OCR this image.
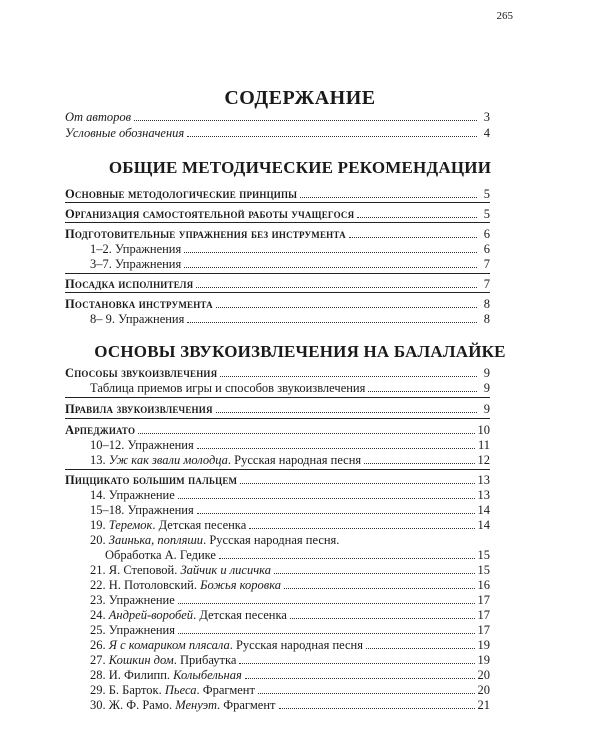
265
СОДЕРЖАНИЕ
От авторов	3
Условные обозначения	4
ОБЩИЕ МЕТОДИЧЕСКИЕ РЕКОМЕНДАЦИИ
Основные методологические принципы	5
Организация самостоятельной работы учащегося	5
Подготовительные упражнения без инструмента	6
1–2. Упражнения	6
3–7. Упражнения	7
Посадка исполнителя	7
Постановка инструмента	8
8– 9. Упражнения	8
ОСНОВЫ ЗВУКОИЗВЛЕЧЕНИЯ НА БАЛАЛАЙКЕ
Способы звукоизвлечения	9
Таблица приемов игры и способов звукоизвлечения	9
Правила звукоизвлечения	9
Арпеджиато	10
10–12. Упражнения	11
13. Уж как звали молодца. Русская народная песня	12
Пиццикато большим пальцем	13
14. Упражнение	13
15–18. Упражнения	14
19. Теремок. Детская песенка	14
20. Заинька, попляши. Русская народная песня.
Обработка А. Гедике	15
21. Я. Степовой. Зайчик и лисичка	15
22. Н. Потоловский. Божья коровка	16
23. Упражнение	17
24. Андрей-воробей. Детская песенка	17
25. Упражнения	17
26. Я с комариком плясала. Русская народная песня	19
27. Кошкин дом. Прибаутка	19
28. И. Филипп. Колыбельная	20
29. Б. Барток. Пьеса. Фрагмент	20
30. Ж. Ф. Рамо. Менуэт. Фрагмент	21
